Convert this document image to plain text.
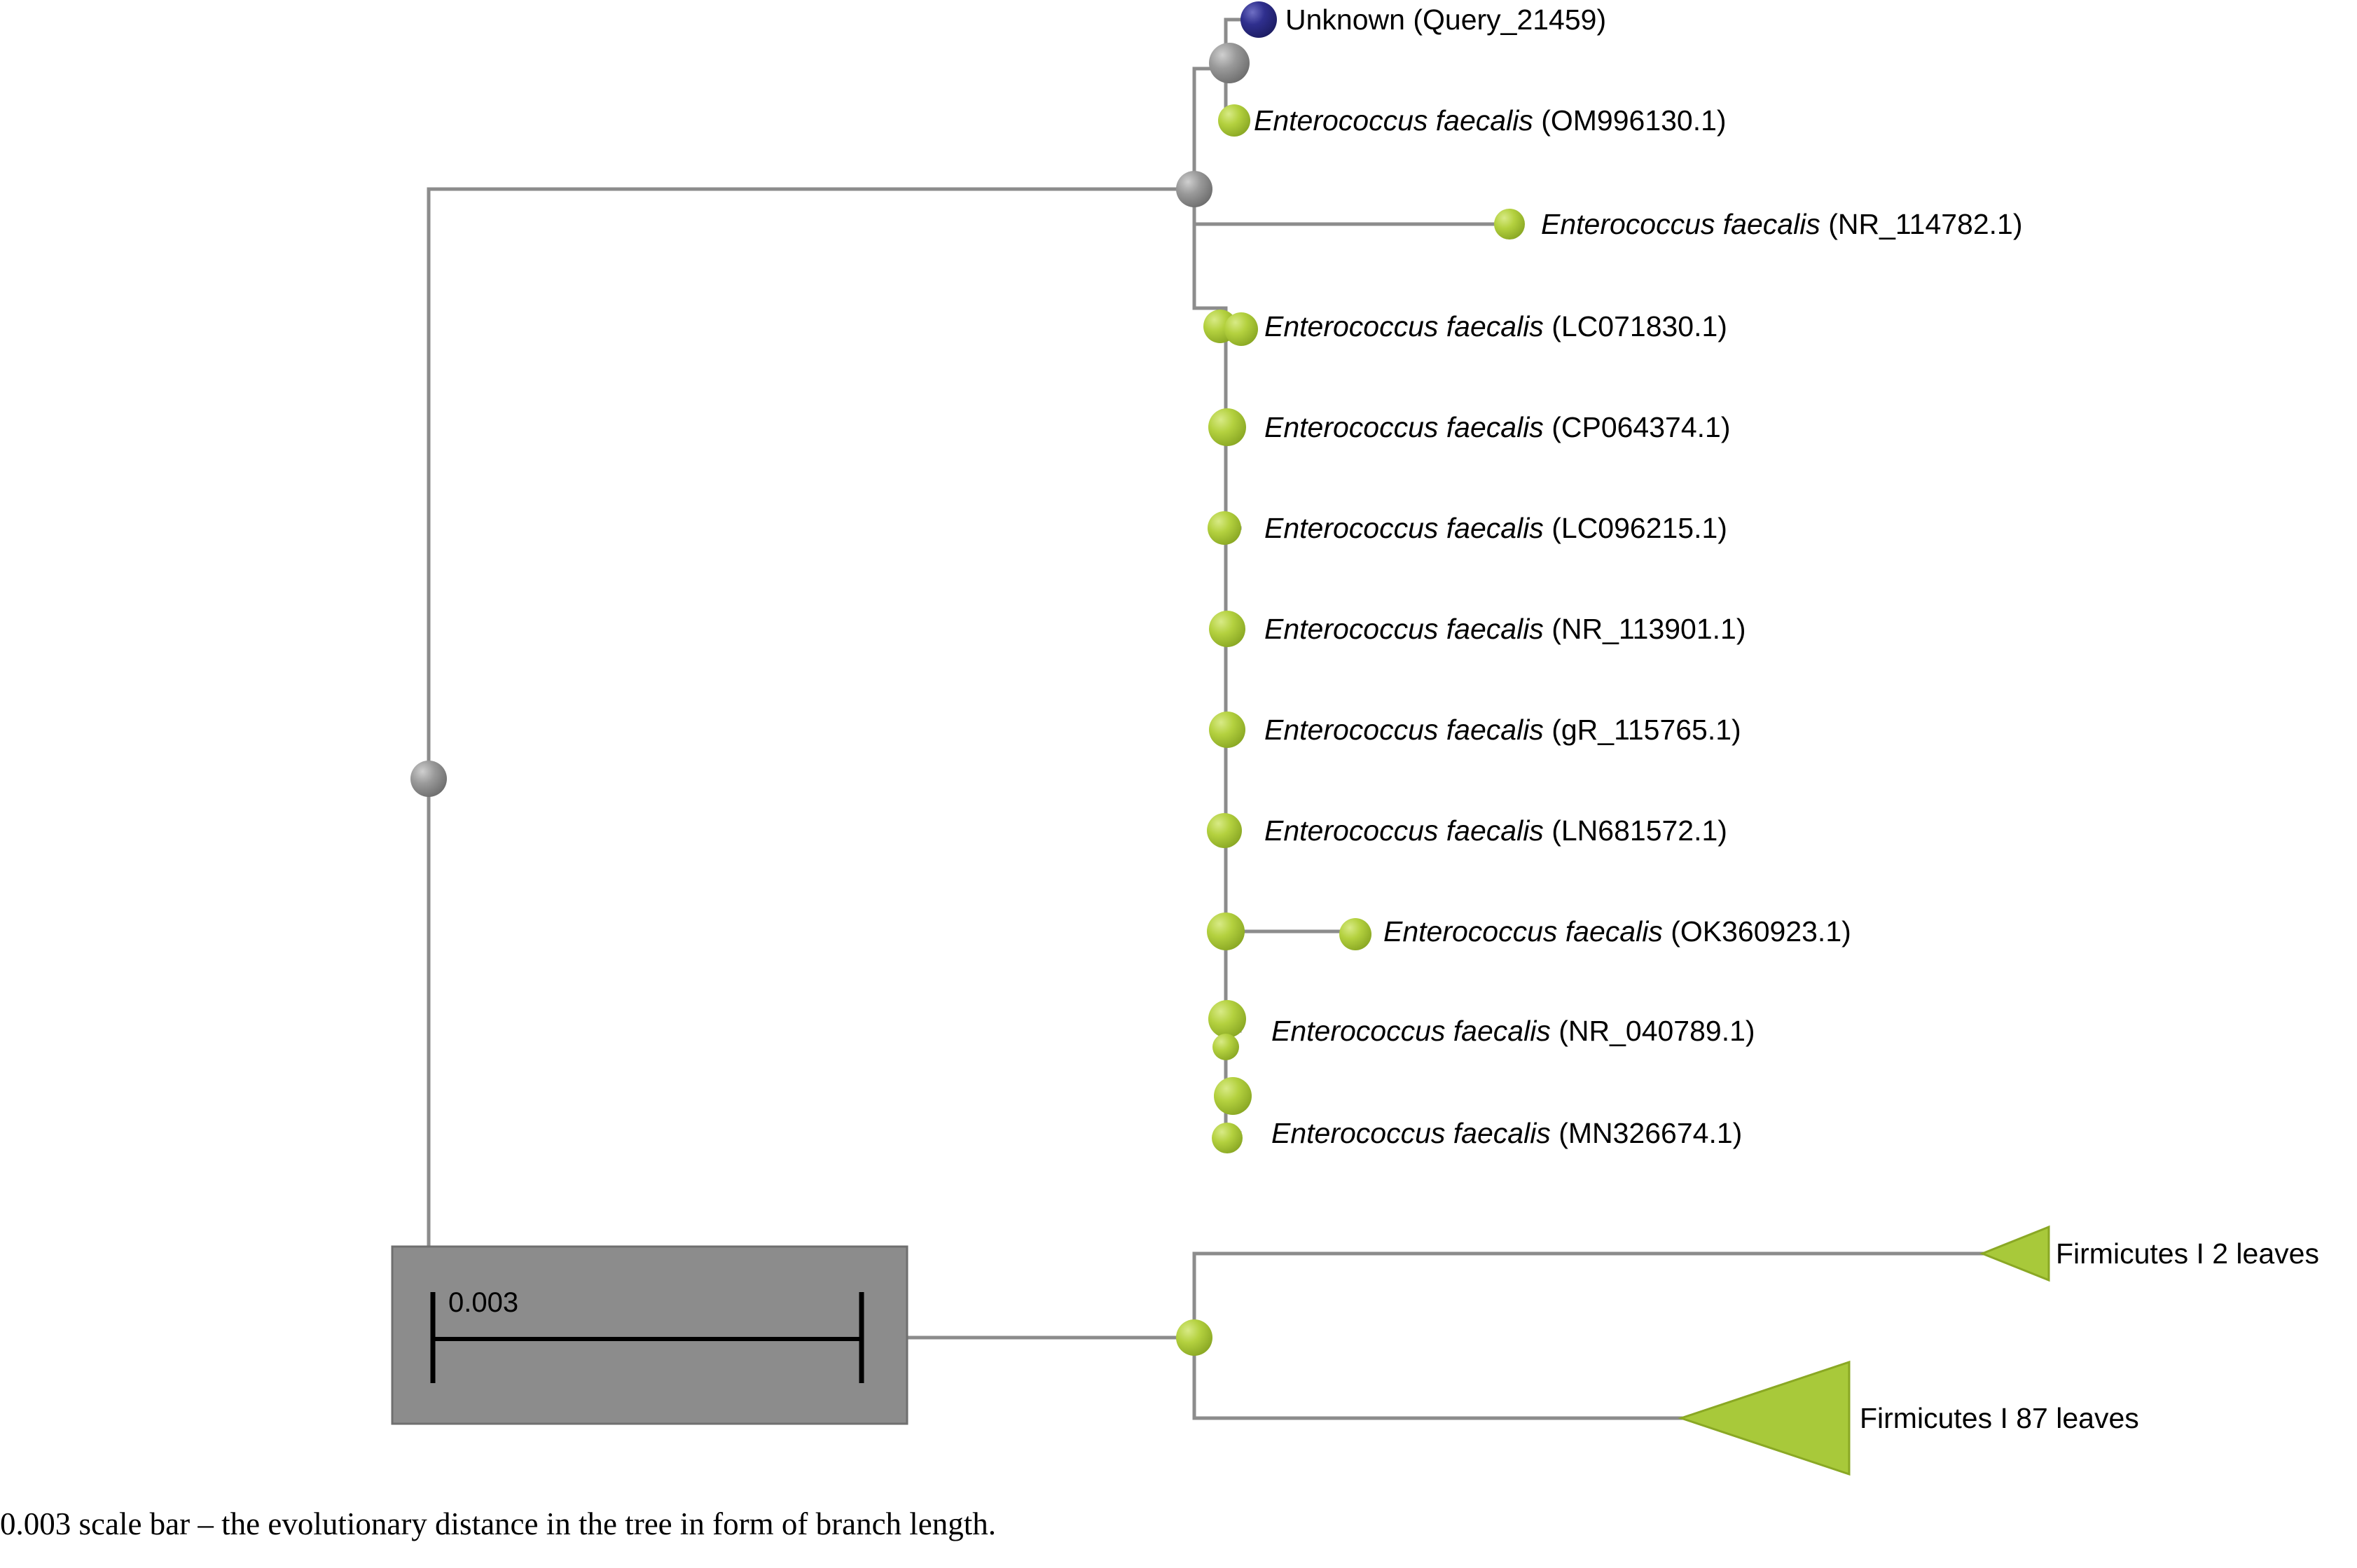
Unknown (Query_21459)
Enterococcus faecalis (OM996130.1)
Enterococcus faecalis (NR_114782.1)
Enterococcus faecalis (LC071830.1)
Enterococcus faecalis (CP064374.1)
Enterococcus faecalis (LC096215.1)
Enterococcus faecalis (NR_113901.1)
Enterococcus faecalis (gR_115765.1)
Enterococcus faecalis (LN681572.1)
Enterococcus faecalis (OK360923.1)
Enterococcus faecalis (NR_040789.1)
Enterococcus faecalis (MN326674.1)
Firmicutes I 2 leaves
Firmicutes I 87 leaves
0.003
0.003 scale bar – the evolutionary distance in the tree in form of branch length.
